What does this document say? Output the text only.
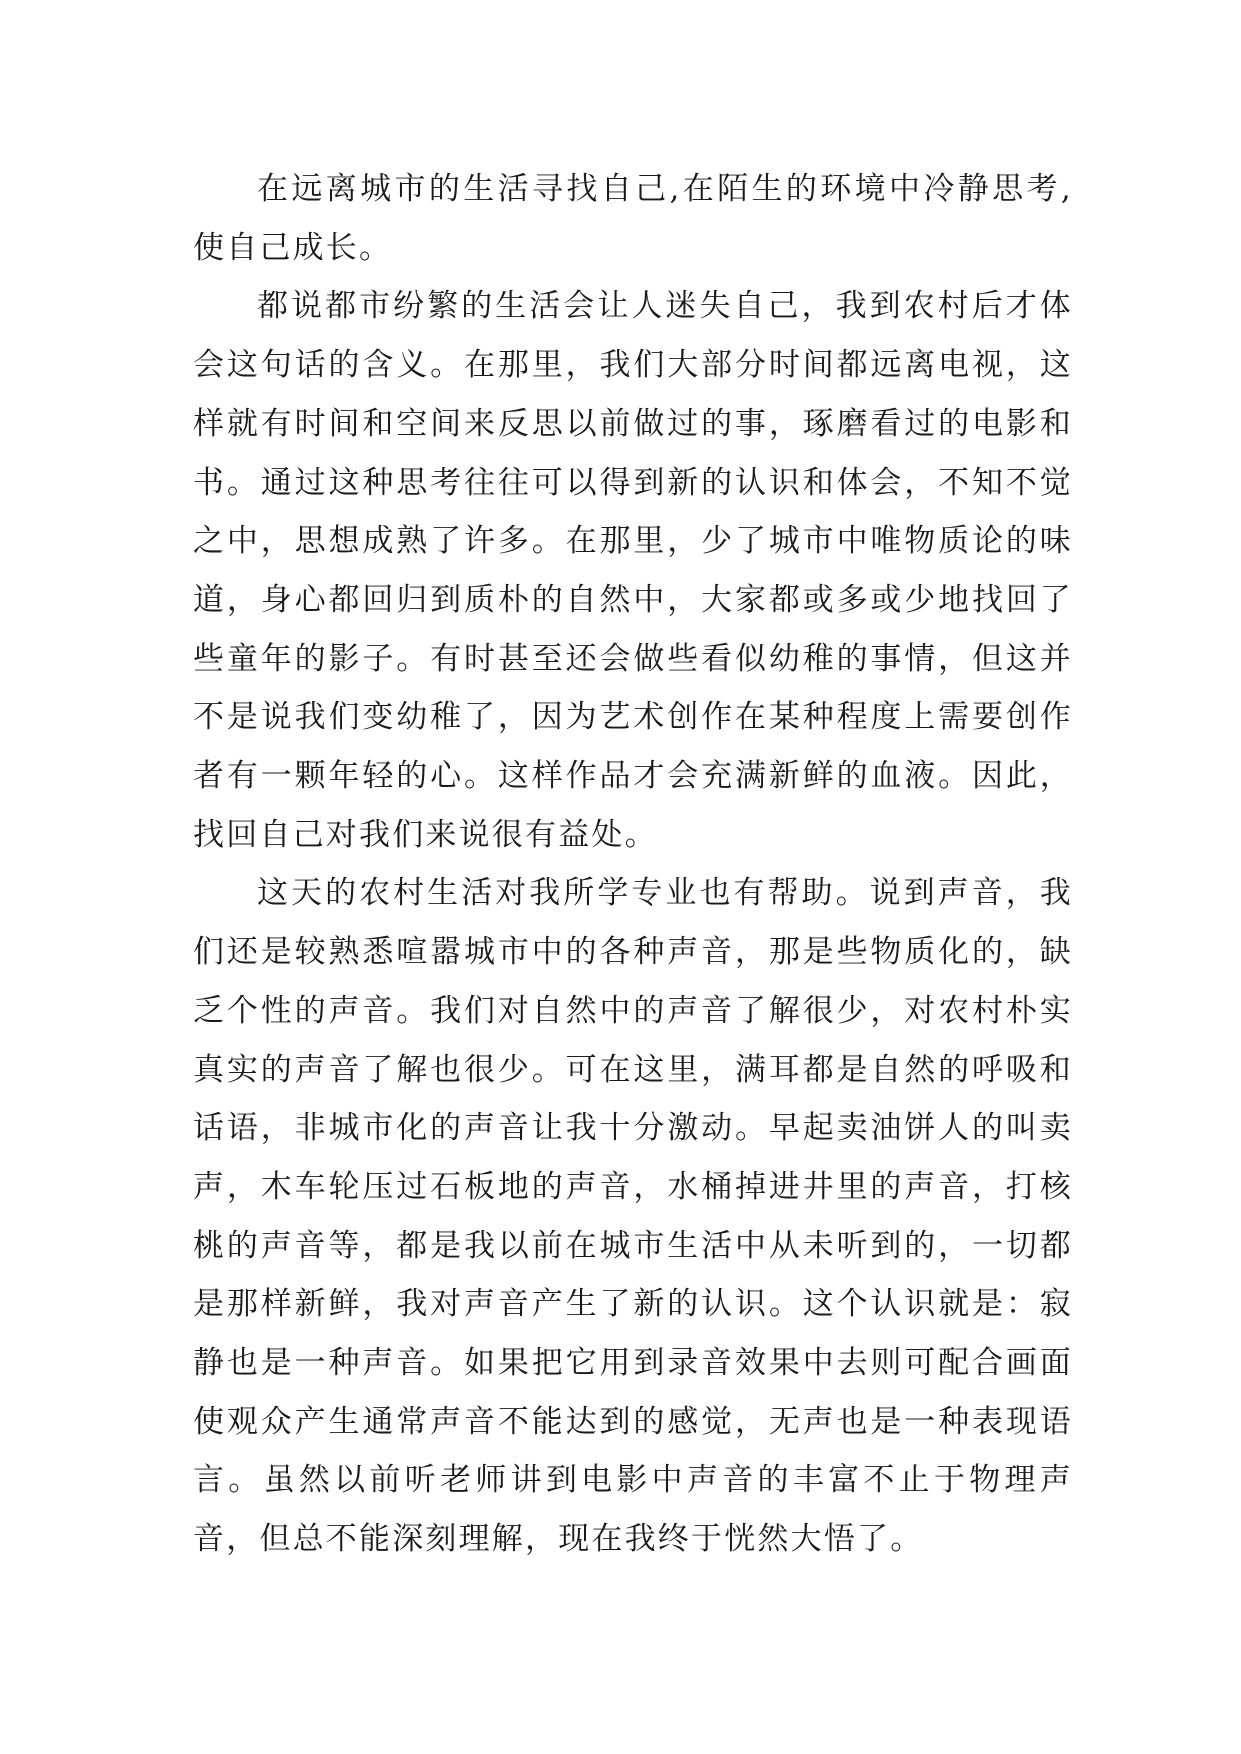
在远离城市的生活寻找自己,在陌生的环境中冷静思考,使自己成长。

都说都市纷繁的生活会让人迷失自己，我到农村后才体会这句话的含义。在那里，我们大部分时间都远离电视，这样就有时间和空间来反思以前做过的事，琢磨看过的电影和书。通过这种思考往往可以得到新的认识和体会，不知不觉之中，思想成熟了许多。在那里，少了城市中唯物质论的味道，身心都回归到质朴的自然中，大家都或多或少地找回了些童年的影子。有时甚至还会做些看似幼稚的事情，但这并不是说我们变幼稚了，因为艺术创作在某种程度上需要创作者有一颗年轻的心。这样作品才会充满新鲜的血液。因此，找回自己对我们来说很有益处。

这天的农村生活对我所学专业也有帮助。说到声音，我们还是较熟悉喧嚣城市中的各种声音，那是些物质化的，缺乏个性的声音。我们对自然中的声音了解很少，对农村朴实真实的声音了解也很少。可在这里，满耳都是自然的呼吸和话语，非城市化的声音让我十分激动。早起卖油饼人的叫卖声，木车轮压过石板地的声音，水桶掉进井里的声音，打核桃的声音等，都是我以前在城市生活中从未听到的，一切都是那样新鲜，我对声音产生了新的认识。这个认识就是：寂静也是一种声音。如果把它用到录音效果中去则可配合画面使观众产生通常声音不能达到的感觉，无声也是一种表现语言。虽然以前听老师讲到电影中声音的丰富不止于物理声音，但总不能深刻理解，现在我终于恍然大悟了。
